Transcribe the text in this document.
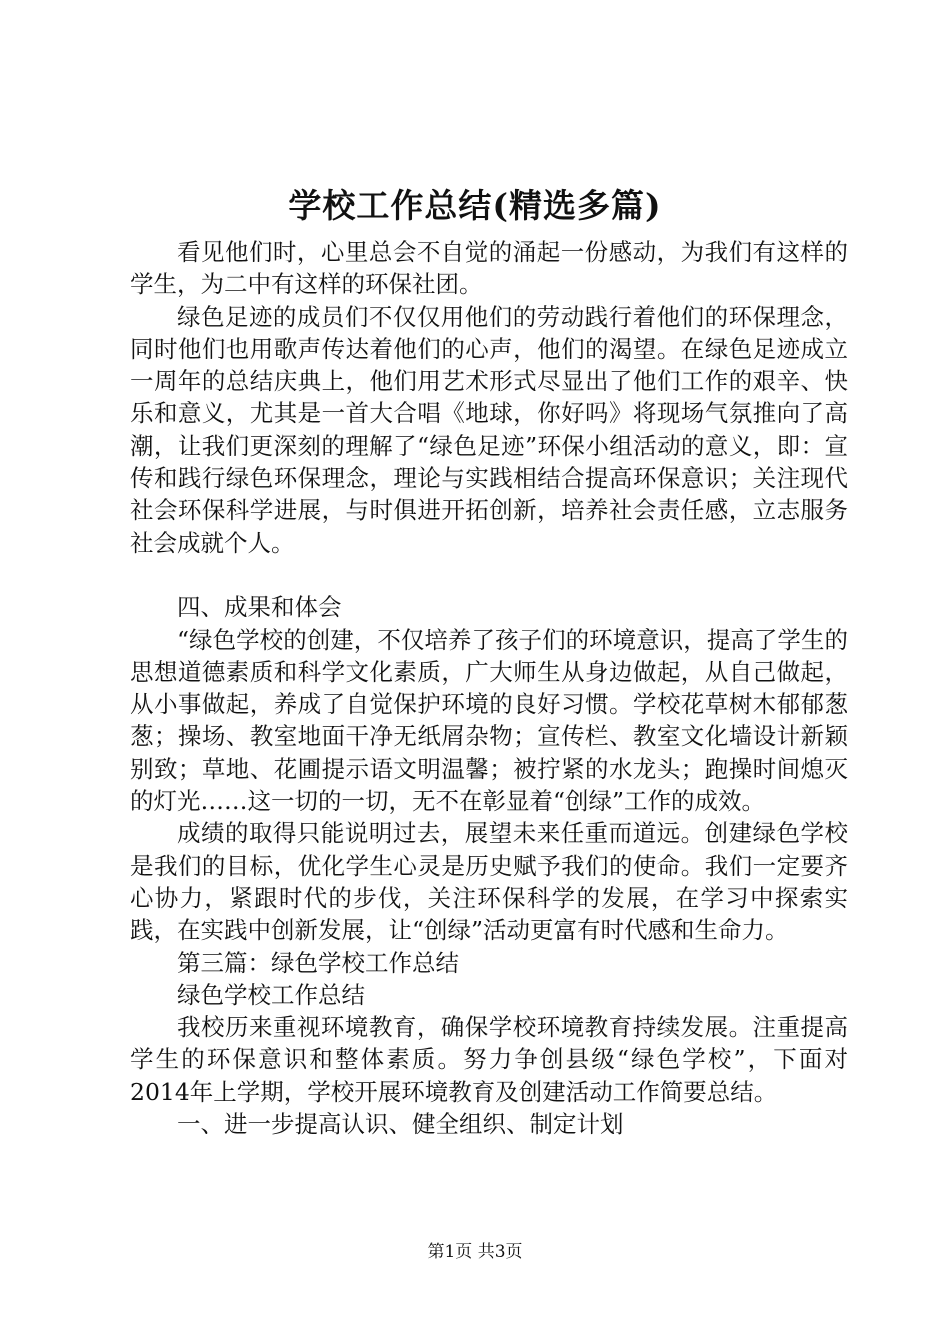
学校工作总结(精选多篇)

看见他们时，心里总会不自觉的涌起一份感动，为我们有这样的学生，为二中有这样的环保社团。

绿色足迹的成员们不仅仅用他们的劳动践行着他们的环保理念，同时他们也用歌声传达着他们的心声，他们的渴望。在绿色足迹成立一周年的总结庆典上，他们用艺术形式尽显出了他们工作的艰辛、快乐和意义，尤其是一首大合唱《地球，你好吗》将现场气氛推向了高潮，让我们更深刻的理解了“绿色足迹”环保小组活动的意义，即：宣传和践行绿色环保理念，理论与实践相结合提高环保意识；关注现代社会环保科学进展，与时俱进开拓创新，培养社会责任感，立志服务社会成就个人。

四、成果和体会

“绿色学校的创建，不仅培养了孩子们的环境意识，提高了学生的思想道德素质和科学文化素质，广大师生从身边做起，从自己做起，从小事做起，养成了自觉保护环境的良好习惯。学校花草树木郁郁葱葱；操场、教室地面干净无纸屑杂物；宣传栏、教室文化墙设计新颖别致；草地、花圃提示语文明温馨；被拧紧的水龙头；跑操时间熄灭的灯光……这一切的一切，无不在彰显着“创绿”工作的成效。

成绩的取得只能说明过去，展望未来任重而道远。创建绿色学校是我们的目标，优化学生心灵是历史赋予我们的使命。我们一定要齐心协力，紧跟时代的步伐，关注环保科学的发展，在学习中探索实践，在实践中创新发展，让“创绿”活动更富有时代感和生命力。

第三篇：绿色学校工作总结

绿色学校工作总结

我校历来重视环境教育，确保学校环境教育持续发展。注重提高学生的环保意识和整体素质。努力争创县级“绿色学校”，下面对2014年上学期，学校开展环境教育及创建活动工作简要总结。

一、进一步提高认识、健全组织、制定计划

第1页 共3页
